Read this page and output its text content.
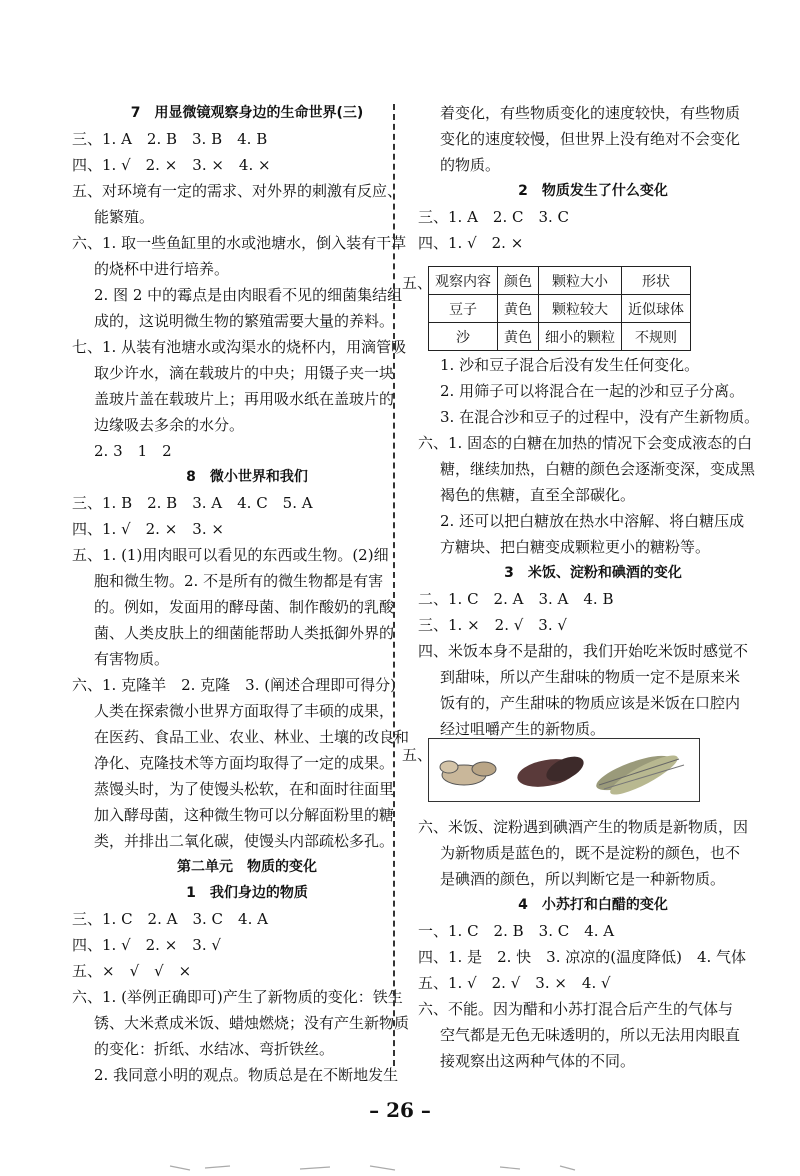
7　用显微镜观察身边的生命世界(三)
三、1. A　2. B　3. B　4. B
四、1. √　2. ×　3. ×　4. ×
五、对环境有一定的需求、对外界的刺激有反应、
能繁殖。
六、1. 取一些鱼缸里的水或池塘水，倒入装有干草
的烧杯中进行培养。
2. 图 2 中的霉点是由肉眼看不见的细菌集结组
成的，这说明微生物的繁殖需要大量的养料。
七、1. 从装有池塘水或沟渠水的烧杯内，用滴管吸
取少许水，滴在载玻片的中央；用镊子夹一块
盖玻片盖在载玻片上；再用吸水纸在盖玻片的
边缘吸去多余的水分。
2. 3　1　2
8　微小世界和我们
三、1. B　2. B　3. A　4. C　5. A
四、1. √　2. ×　3. ×
五、1. (1)用肉眼可以看见的东西或生物。(2)细
胞和微生物。2. 不是所有的微生物都是有害
的。例如，发面用的酵母菌、制作酸奶的乳酸
菌、人类皮肤上的细菌能帮助人类抵御外界的
有害物质。
六、1. 克隆羊　2. 克隆　3. (阐述合理即可得分)
人类在探索微小世界方面取得了丰硕的成果，
在医药、食品工业、农业、林业、土壤的改良和
净化、克隆技术等方面均取得了一定的成果。
蒸馒头时，为了使馒头松软，在和面时往面里
加入酵母菌，这种微生物可以分解面粉里的糖
类，并排出二氧化碳，使馒头内部疏松多孔。
第二单元　物质的变化
1　我们身边的物质
三、1. C　2. A　3. C　4. A
四、1. √　2. ×　3. √
五、×　√　√　×
六、1. (举例正确即可)产生了新物质的变化：铁生
锈、大米煮成米饭、蜡烛燃烧；没有产生新物质
的变化：折纸、水结冰、弯折铁丝。
2. 我同意小明的观点。物质总是在不断地发生
着变化，有些物质变化的速度较快，有些物质
变化的速度较慢，但世界上没有绝对不会变化
的物质。
2　物质发生了什么变化
三、1. A　2. C　3. C
四、1. √　2. ×
五、 观察内容	颜色	颗粒大小	形状
豆子	黄色	颗粒较大	近似球体
沙	黄色	细小的颗粒	不规则
1. 沙和豆子混合后没有发生任何变化。
2. 用筛子可以将混合在一起的沙和豆子分离。
3. 在混合沙和豆子的过程中，没有产生新物质。
六、1. 固态的白糖在加热的情况下会变成液态的白
糖，继续加热，白糖的颜色会逐渐变深，变成黑
褐色的焦糖，直至全部碳化。
2. 还可以把白糖放在热水中溶解、将白糖压成
方糖块、把白糖变成颗粒更小的糖粉等。
3　米饭、淀粉和碘酒的变化
二、1. C　2. A　3. A　4. B
三、1. ×　2. √　3. √
四、米饭本身不是甜的，我们开始吃米饭时感觉不
到甜味，所以产生甜味的物质一定不是原来米
饭有的，产生甜味的物质应该是米饭在口腔内
经过咀嚼产生的新物质。
五、
六、米饭、淀粉遇到碘酒产生的物质是新物质，因
为新物质是蓝色的，既不是淀粉的颜色，也不
是碘酒的颜色，所以判断它是一种新物质。
4　小苏打和白醋的变化
一、1. C　2. B　3. C　4. A
四、1. 是　2. 快　3. 凉凉的(温度降低)　4. 气体
五、1. √　2. √　3. ×　4. √
六、不能。因为醋和小苏打混合后产生的气体与
空气都是无色无味透明的，所以无法用肉眼直
接观察出这两种气体的不同。
– 26 –
